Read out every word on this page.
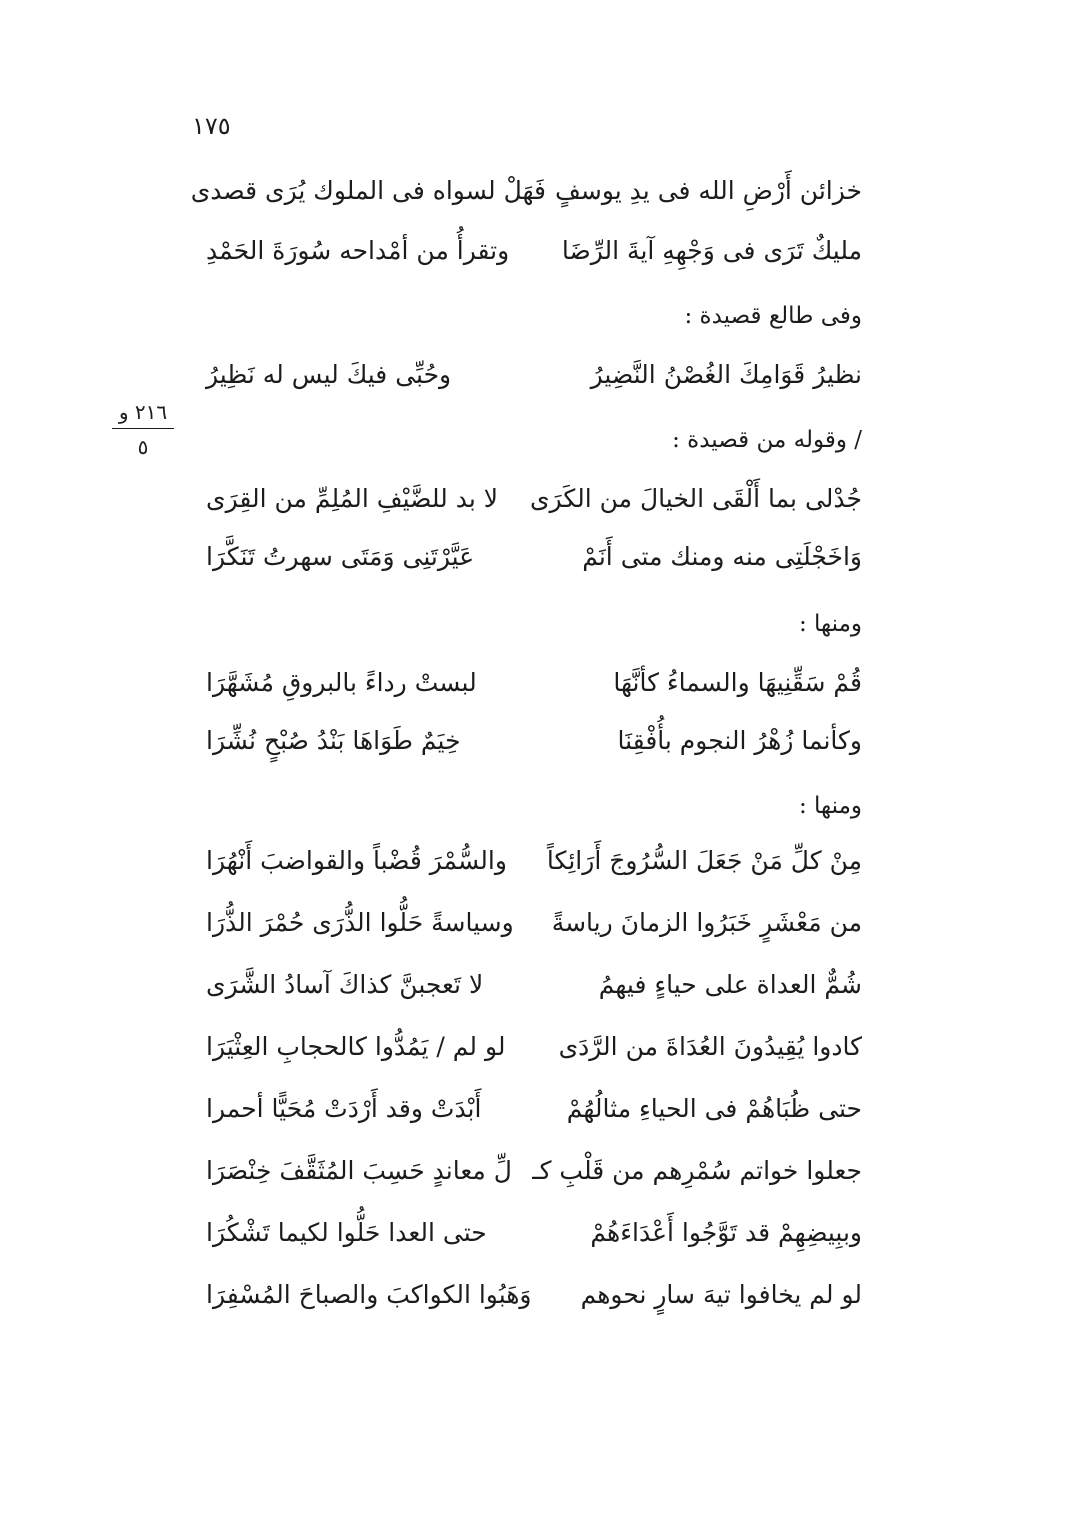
١٧٥
٢١٦ و
٥
خزائن أَرْضِ الله فى يدِ يوسفٍ
فَهَلْ لسواه فى الملوك يُرَى قصدى
مليكٌ تَرَى فى وَجْهِهِ آيةَ الرِّضَا
وتقرأُ من أمْداحه سُورَةَ الحَمْدِ
وفى طالع قصيدة :
نظيرُ قَوَامِكَ الغُصْنُ النَّضِيرُ
وحُبِّى فيكَ ليس له نَظِيرُ
/ وقوله من قصيدة :
جُدْلى بما أَلْقَى الخيالَ من الكَرَى
لا بد للضَّيْفِ المُلِمِّ من القِرَى
وَاخَجْلَتِى منه ومنك متى أَنَمْ
عَيَّرْتَنِى وَمَتَى سهرتُ تَنَكَّرَا
ومنها :
قُمْ سَقِّنِيهَا والسماءُ كأنَّهَا
لبستْ رداءً بالبروقِ مُشَهَّرَا
وكأنما زُهْرُ النجوم بأُفْقِنَا
خِيَمٌ طَوَاهَا بَنْدُ صُبْحٍ نُشِّرَا
ومنها :
مِنْ كلِّ مَنْ جَعَلَ السُّرُوجَ أَرَائِكاً
والسُّمْرَ قُضْباً والقواضبَ أَنْهُرَا
من مَعْشَرٍ خَبَرُوا الزمانَ رياسةً
وسياسةً حَلُّوا الذُّرَى حُمْرَ الذُّرَا
شُمٌّ العداة على حياءٍ فيهمُ
لا تَعجبنَّ كذاكَ آسادُ الشَّرَى
كادوا يُقِيدُونَ العُدَاةَ من الرَّدَى
لو لم / يَمُدُّوا كالحجابِ العِثْيَرَا
حتى ظُبَاهُمْ فى الحياءِ مثالُهُمْ
أَبْدَتْ وقد أَرْدَتْ مُحَيًّا أحمرا
جعلوا خواتم سُمْرِهم من قَلْبِ كـ
لِّ معاندٍ حَسِبَ المُثَقَّفَ خِنْصَرَا
وببِيضِهِمْ قد تَوَّجُوا أَعْدَاءَهُمْ
حتى العدا حَلُّوا لكيما تَشْكُرَا
لو لم يخافوا تيهَ سارٍ نحوهم
وَهَبُوا الكواكبَ والصباحَ المُسْفِرَا
